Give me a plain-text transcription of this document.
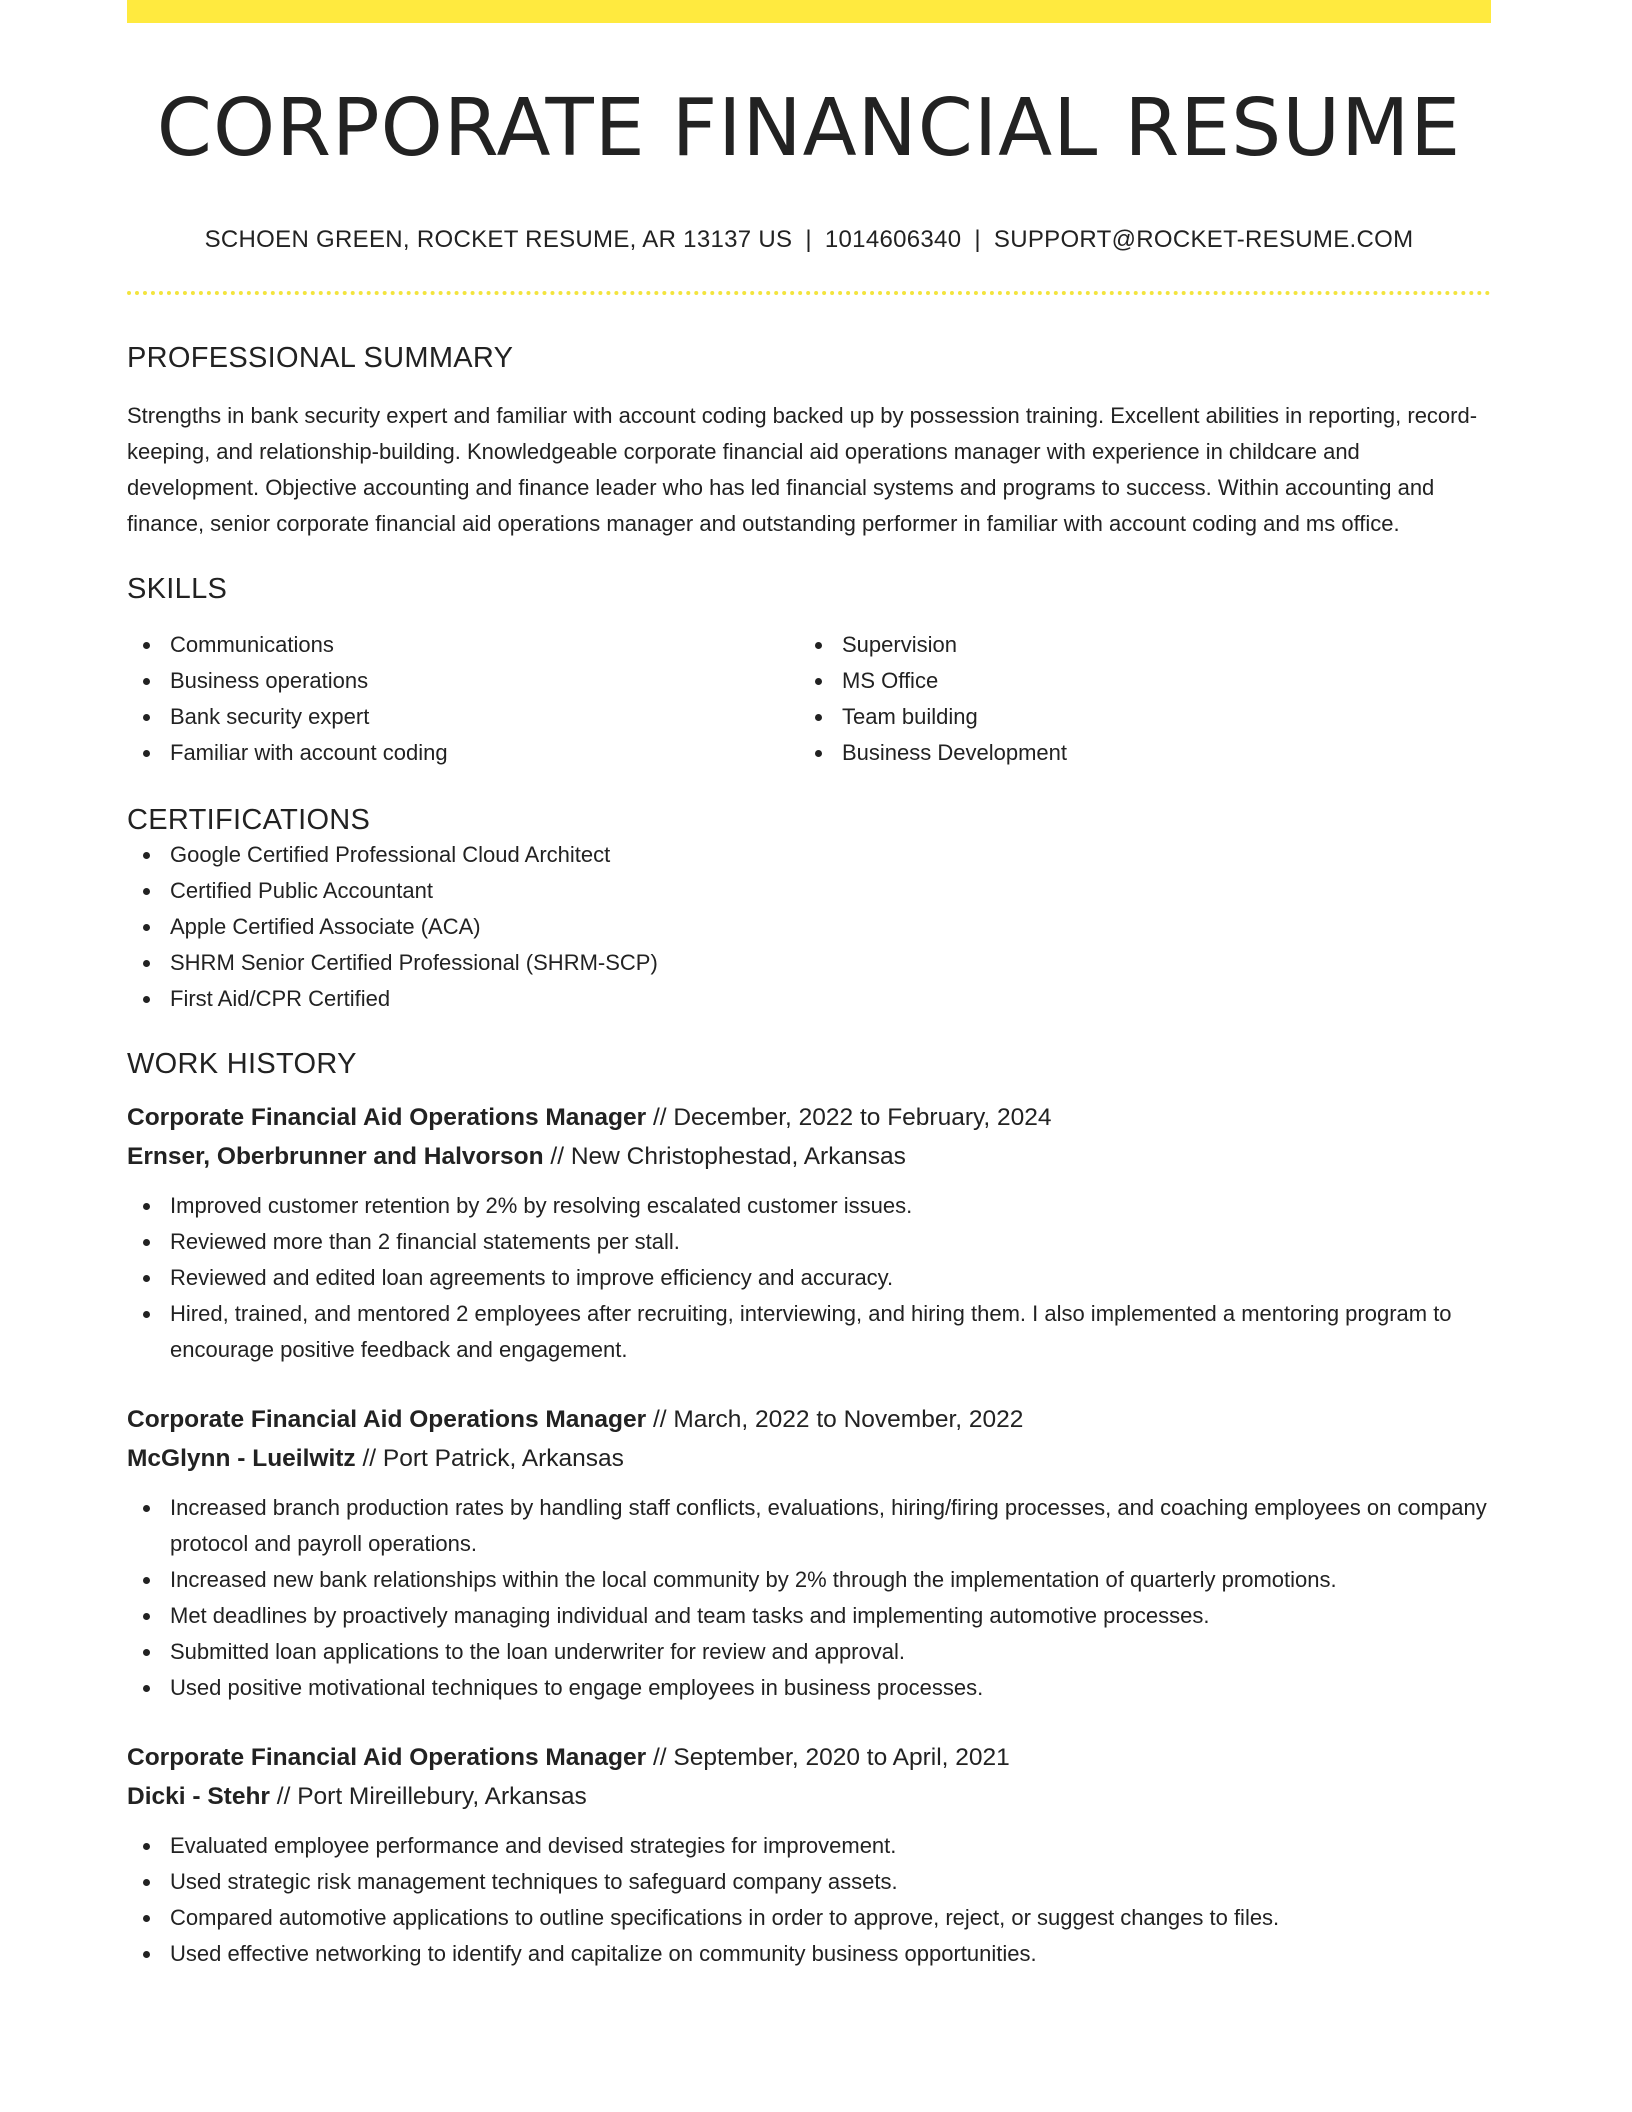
CORPORATE FINANCIAL RESUME
SCHOEN GREEN, ROCKET RESUME, AR 13137 US | 1014606340 | SUPPORT@ROCKET-RESUME.COM
PROFESSIONAL SUMMARY

Strengths in bank security expert and familiar with account coding backed up by possession training. Excellent abilities in reporting, record-keeping, and relationship-building. Knowledgeable corporate financial aid operations manager with experience in childcare and development. Objective accounting and finance leader who has led financial systems and programs to success. Within accounting and finance, senior corporate financial aid operations manager and outstanding performer in familiar with account coding and ms office.

SKILLS
Communications
Business operations
Bank security expert
Familiar with account coding
Supervision
MS Office
Team building
Business Development
CERTIFICATIONS
Google Certified Professional Cloud Architect
Certified Public Accountant
Apple Certified Associate (ACA)
SHRM Senior Certified Professional (SHRM-SCP)
First Aid/CPR Certified
WORK HISTORY
Corporate Financial Aid Operations Manager // December, 2022 to February, 2024
Ernser, Oberbrunner and Halvorson // New Christophestad, Arkansas
Improved customer retention by 2% by resolving escalated customer issues.
Reviewed more than 2 financial statements per stall.
Reviewed and edited loan agreements to improve efficiency and accuracy.
Hired, trained, and mentored 2 employees after recruiting, interviewing, and hiring them. I also implemented a mentoring program to encourage positive feedback and engagement.
Corporate Financial Aid Operations Manager // March, 2022 to November, 2022
McGlynn - Lueilwitz // Port Patrick, Arkansas
Increased branch production rates by handling staff conflicts, evaluations, hiring/firing processes, and coaching employees on company protocol and payroll operations.
Increased new bank relationships within the local community by 2% through the implementation of quarterly promotions.
Met deadlines by proactively managing individual and team tasks and implementing automotive processes.
Submitted loan applications to the loan underwriter for review and approval.
Used positive motivational techniques to engage employees in business processes.
Corporate Financial Aid Operations Manager // September, 2020 to April, 2021
Dicki - Stehr // Port Mireillebury, Arkansas
Evaluated employee performance and devised strategies for improvement.
Used strategic risk management techniques to safeguard company assets.
Compared automotive applications to outline specifications in order to approve, reject, or suggest changes to files.
Used effective networking to identify and capitalize on community business opportunities.
